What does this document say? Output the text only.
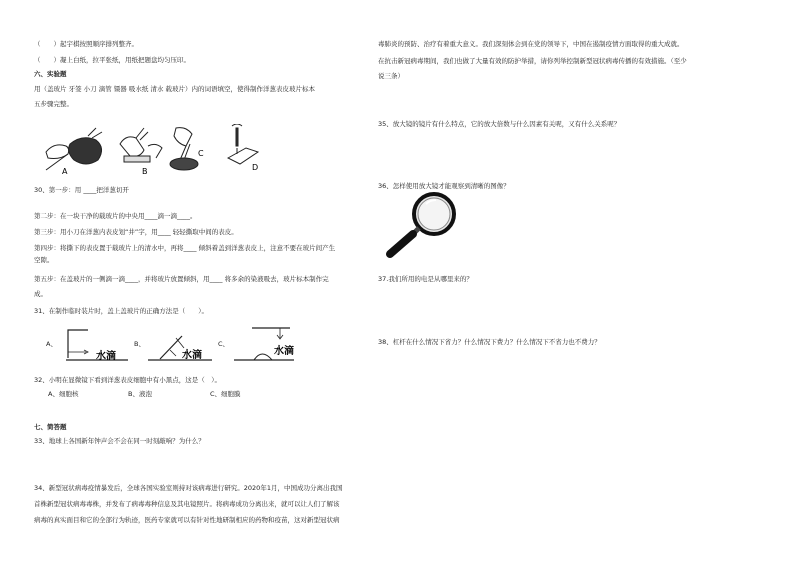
（　　）起宇棋按照顺序排列整齐。
（　　）凝上白纸，拉平张纸，用纸把题盘均匀压印。
六、实验题
用（盖玻片 牙签 小刀 滴管 镊器 吸水纸 清水 载玻片）内的词语填空，使得制作洋葱表皮玻片标本
五步骤完整。
A	B
C
D
30、第一步：用 ____把洋葱切开
第二步：在一块干净的载玻片的中央用____滴一滴____。
第三步：用小刀在洋葱内表皮划“井”字，用____ 轻轻撕取中间的表皮。
第四步：将撕下的表皮置于载玻片上的清水中，再将____ 倾斜着盖到洋葱表皮上，注意不要在玻片间产生
空隙。
第五步：在盖玻片的一侧滴一滴____，并将玻片放置倾斜，用____ 将多余的染液吸去，玻片标本制作完
成。
31、在制作临时装片时，盖上盖玻片的正确方法是（　　）。
A、
水滴
B、
水滴
C、
水滴
32、小明在显微镜下看到洋葱表皮细胞中有小黑点，这是（　）。
A、细胞核	B、液泡	C、细胞膜
七、简答题
33、地球上各国新年钟声会不会在同一时刻敲响？为什么？
34、新型冠状病毒疫情暴发后，全球各国实验室则持对该病毒进行研究。2020年1月，中国成功分离出我国
首株新型冠状病毒毒株，并发布了病毒毒种信息及其电镜照片。将病毒成功分离出来，就可以让人们了解该
病毒的真实面目和它的全部行为轨迹，医药专家就可以有针对性地研制相应的药物和疫苗，这对新型冠状病
毒肺炎的预防、治疗有着重大意义。我们深刻体会到在党的领导下，中国在遏制疫情方面取得的重大成就。
在抗击新冠病毒期间，我们也做了大量有效的防护举措，请你列举控制新型冠状病毒传播的有效措施。（至少
说三条）
35、放大镜的镜片有什么特点，它的放大倍数与什么因素有关呢，又有什么关系呢？
36、怎样使用放大镜才能观察到清晰的图像？
37.我们所用的电是从哪里来的？
38、杠杆在什么情况下省力？什么情况下费力？什么情况下不省力也不费力？
